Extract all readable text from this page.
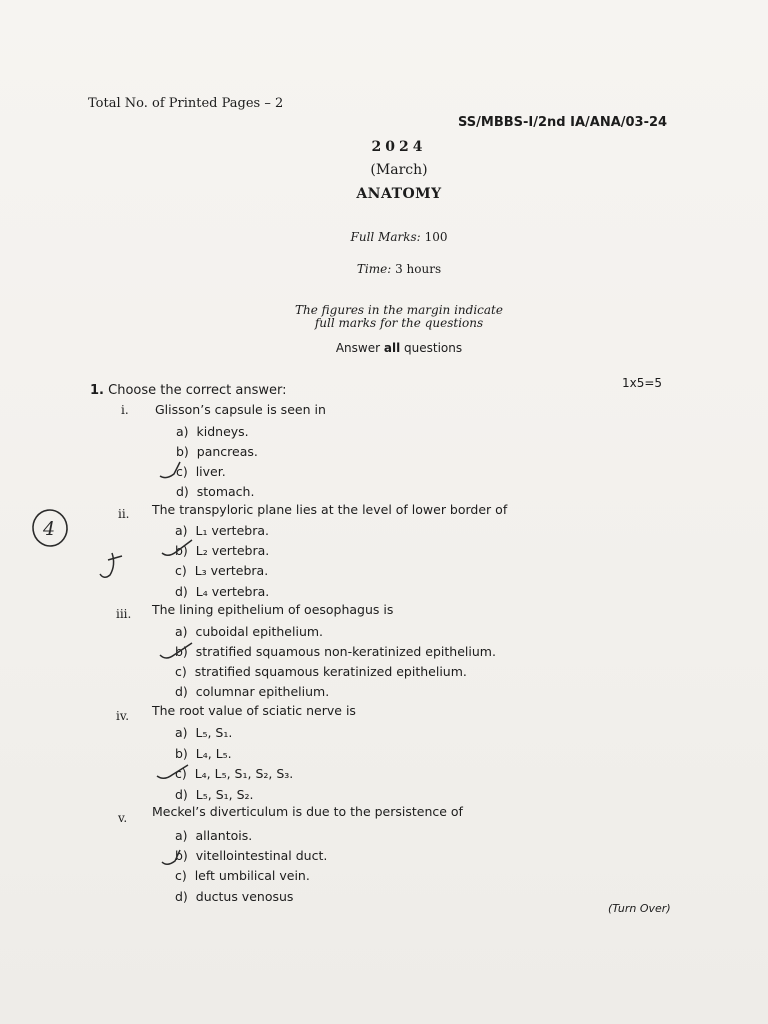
Total No. of Printed Pages – 2
SS/MBBS-I/2nd IA/ANA/03-24
2024
(March)
ANATOMY
Full Marks: 100
Time: 3 hours
The figures in the margin indicate
full marks for the questions
Answer all questions
1. Choose the correct answer:	1x5=5
i. Glisson’s capsule is seen in
a) kidneys.
b) pancreas.
c) liver.
d) stomach.
ii. The transpyloric plane lies at the level of lower border of
a) L₁ vertebra.
b) L₂ vertebra.
c) L₃ vertebra.
d) L₄ vertebra.
iii. The lining epithelium of oesophagus is
a) cuboidal epithelium.
b) stratified squamous non-keratinized epithelium.
c) stratified squamous keratinized epithelium.
d) columnar epithelium.
iv. The root value of sciatic nerve is
a) L₅, S₁.
b) L₄, L₅.
c) L₄, L₅, S₁, S₂, S₃.
d) L₅, S₁, S₂.
v. Meckel’s diverticulum is due to the persistence of
a) allantois.
b) vitellointestinal duct.
c) left umbilical vein.
d) ductus venosus
(Turn Over)
4
